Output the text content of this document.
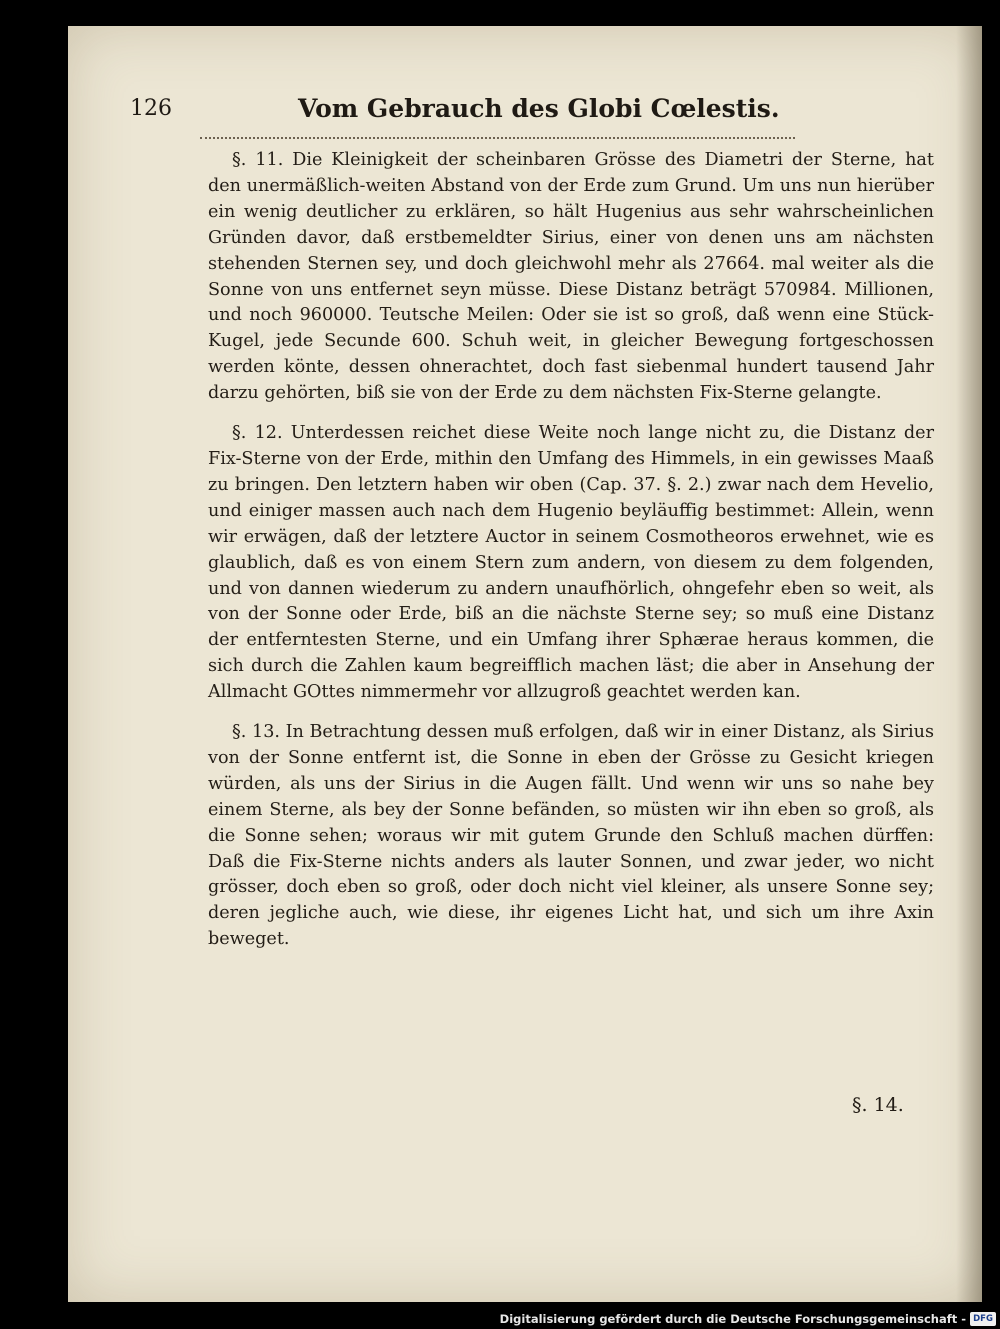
126	Vom Gebrauch des Globi Cœlestis.

§. 11. Die Kleinigkeit der scheinbaren Grösse des Diametri der Sterne, hat den unermäßlich-weiten Abstand von der Erde zum Grund. Um uns nun hierüber ein wenig deutlicher zu erklären, so hält Hugenius aus sehr wahrscheinlichen Gründen davor, daß erstbemeldter Sirius, einer von denen uns am nächsten stehenden Sternen sey, und doch gleichwohl mehr als 27664. mal weiter als die Sonne von uns entfernet seyn müsse. Diese Distanz beträgt 570984. Millionen, und noch 960000. Teutsche Meilen: Oder sie ist so groß, daß wenn eine Stück-Kugel, jede Secunde 600. Schuh weit, in gleicher Bewegung fortgeschossen werden könte, dessen ohnerachtet, doch fast siebenmal hundert tausend Jahr darzu gehörten, biß sie von der Erde zu dem nächsten Fix-Sterne gelangte.

§. 12. Unterdessen reichet diese Weite noch lange nicht zu, die Distanz der Fix-Sterne von der Erde, mithin den Umfang des Himmels, in ein gewisses Maaß zu bringen. Den letztern haben wir oben (Cap. 37. §. 2.) zwar nach dem Hevelio, und einiger massen auch nach dem Hugenio beyläuffig bestimmet: Allein, wenn wir erwägen, daß der letztere Auctor in seinem Cosmotheoros erwehnet, wie es glaublich, daß es von einem Stern zum andern, von diesem zu dem folgenden, und von dannen wiederum zu andern unaufhörlich, ohngefehr eben so weit, als von der Sonne oder Erde, biß an die nächste Sterne sey; so muß eine Distanz der entferntesten Sterne, und ein Umfang ihrer Sphærae heraus kommen, die sich durch die Zahlen kaum begreifflich machen läst; die aber in Ansehung der Allmacht GOttes nimmermehr vor allzugroß geachtet werden kan.

§. 13. In Betrachtung dessen muß erfolgen, daß wir in einer Distanz, als Sirius von der Sonne entfernt ist, die Sonne in eben der Grösse zu Gesicht kriegen würden, als uns der Sirius in die Augen fällt. Und wenn wir uns so nahe bey einem Sterne, als bey der Sonne befänden, so müsten wir ihn eben so groß, als die Sonne sehen; woraus wir mit gutem Grunde den Schluß machen dürffen: Daß die Fix-Sterne nichts anders als lauter Sonnen, und zwar jeder, wo nicht grösser, doch eben so groß, oder doch nicht viel kleiner, als unsere Sonne sey; deren jegliche auch, wie diese, ihr eigenes Licht hat, und sich um ihre Axin beweget.

§. 14.
Digitalisierung gefördert durch die Deutsche Forschungsgemeinschaft - DFG
